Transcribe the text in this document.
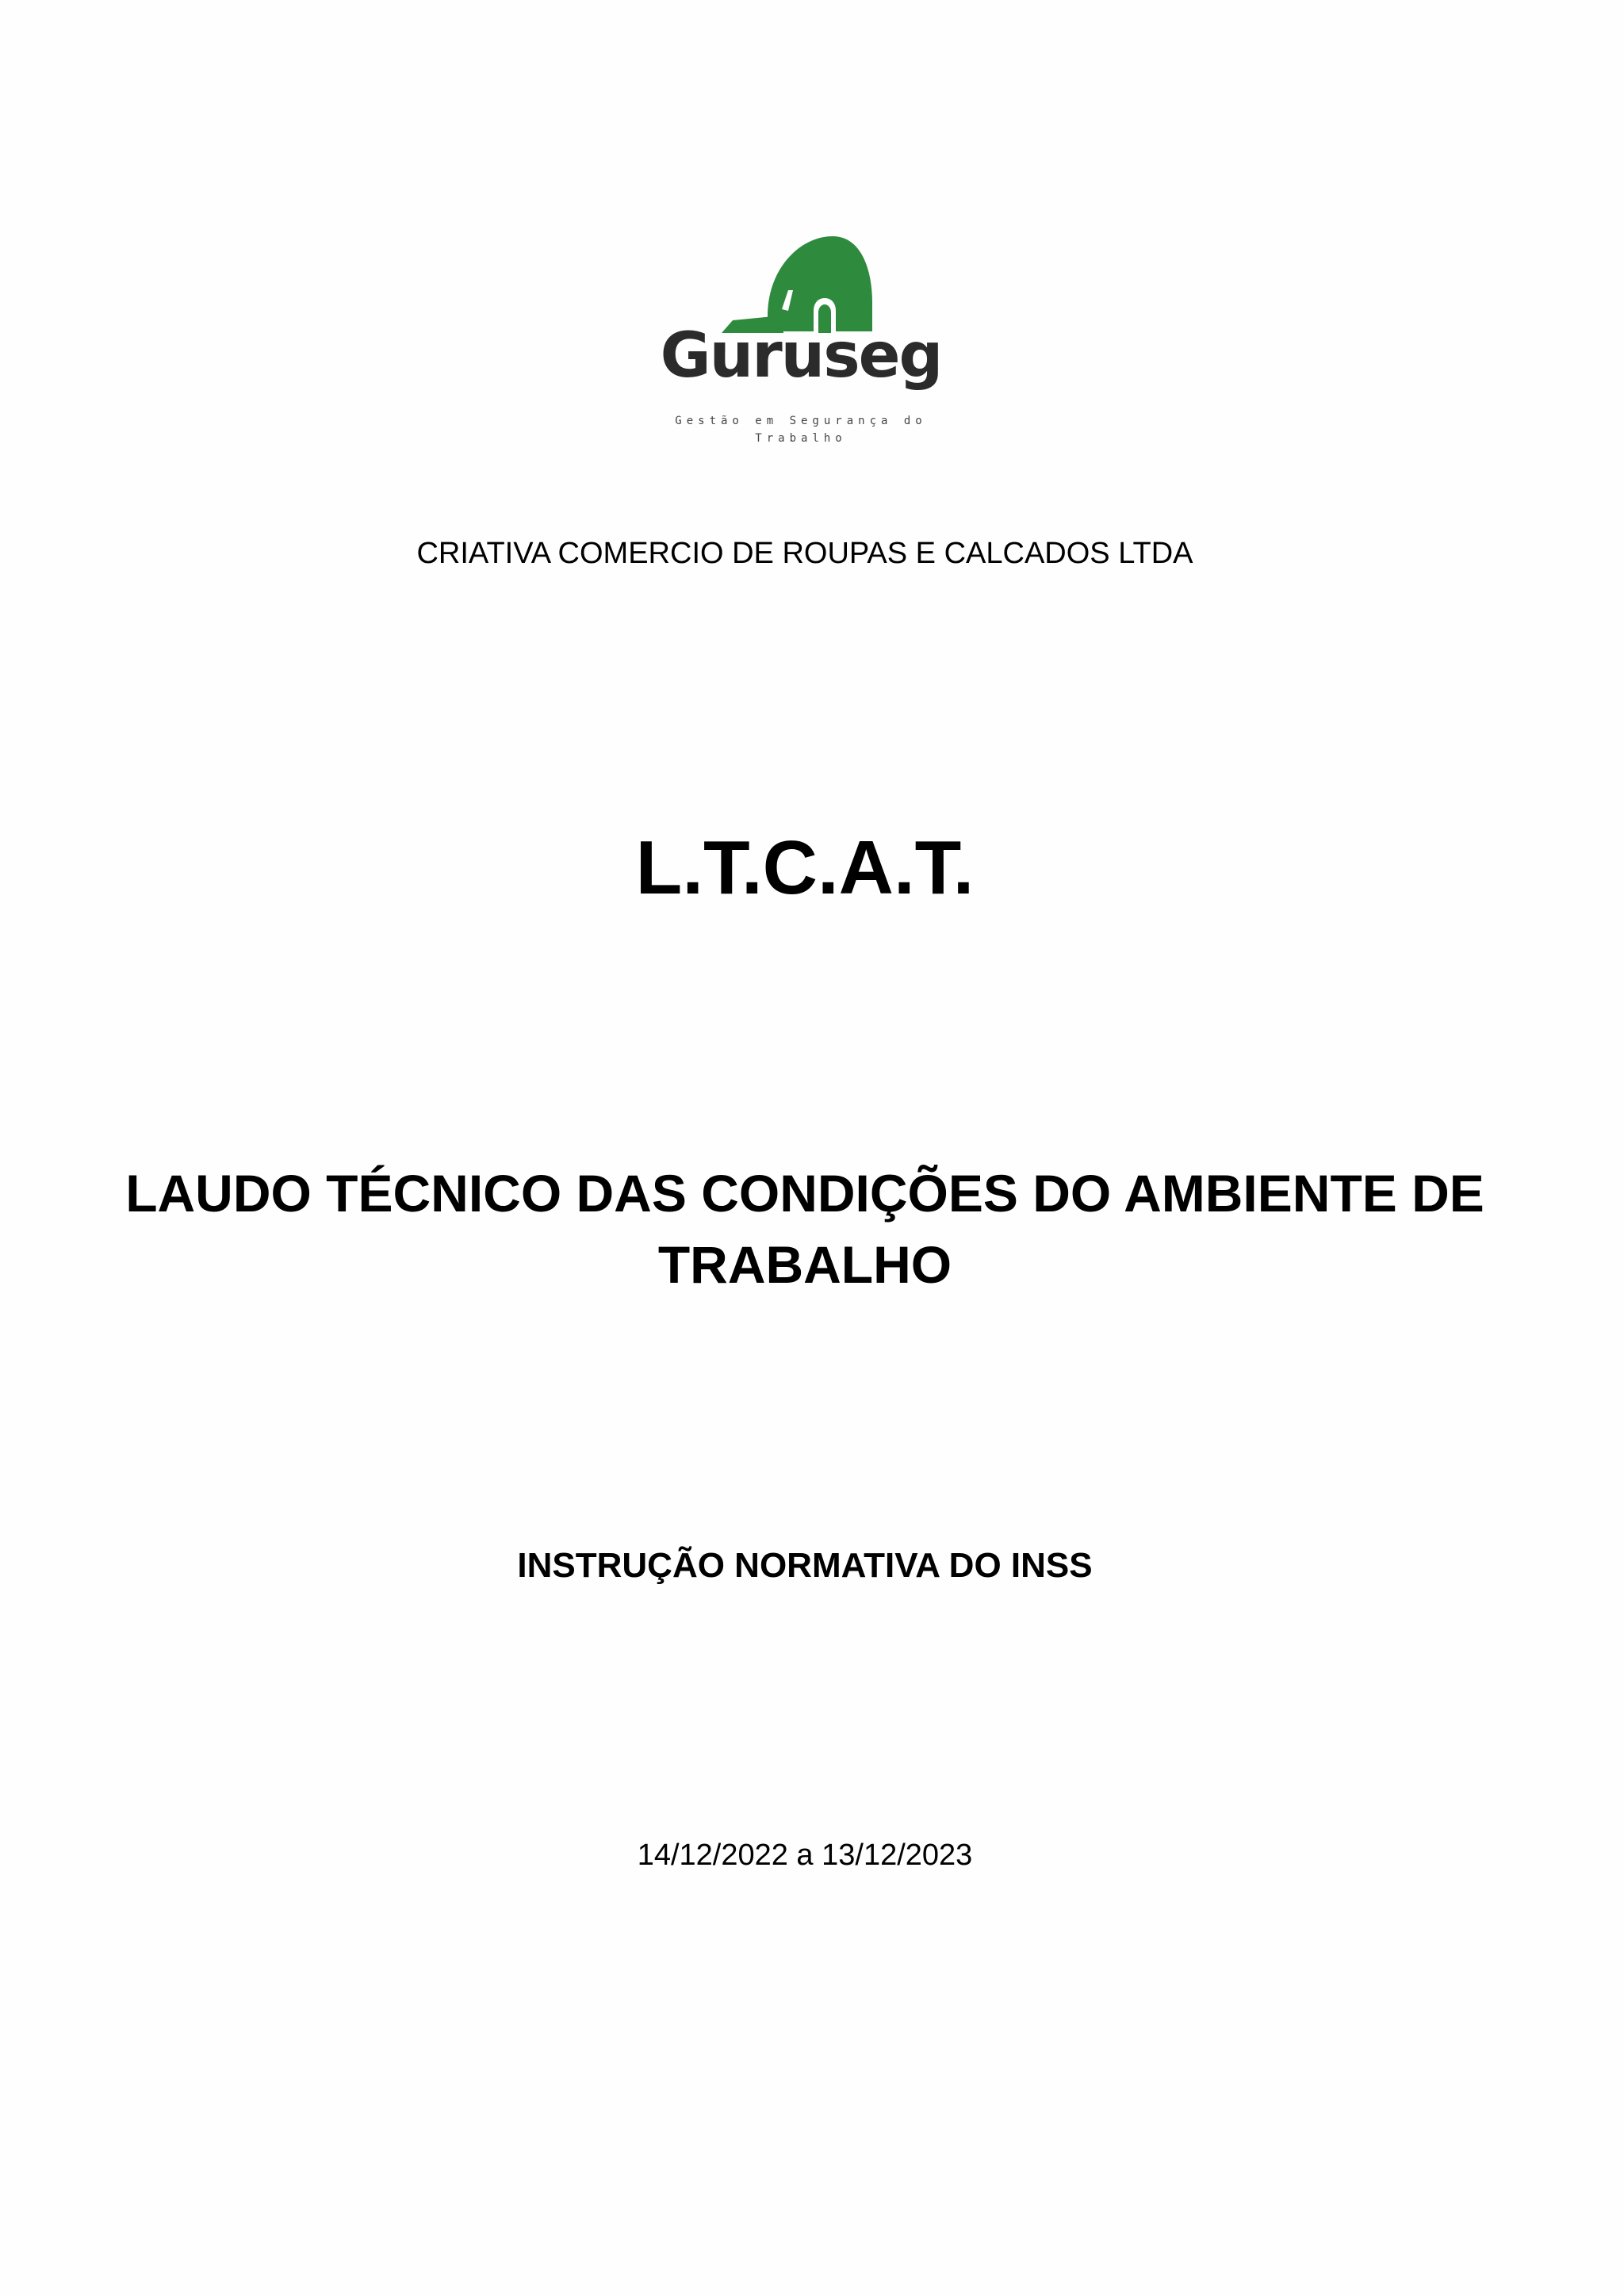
Guruseg
Gestão em Segurança do
Trabalho
CRIATIVA COMERCIO DE ROUPAS E CALCADOS LTDA
L.T.C.A.T.
LAUDO TÉCNICO DAS CONDIÇÕES DO AMBIENTE DE TRABALHO
INSTRUÇÃO NORMATIVA DO INSS
14/12/2022 a 13/12/2023
